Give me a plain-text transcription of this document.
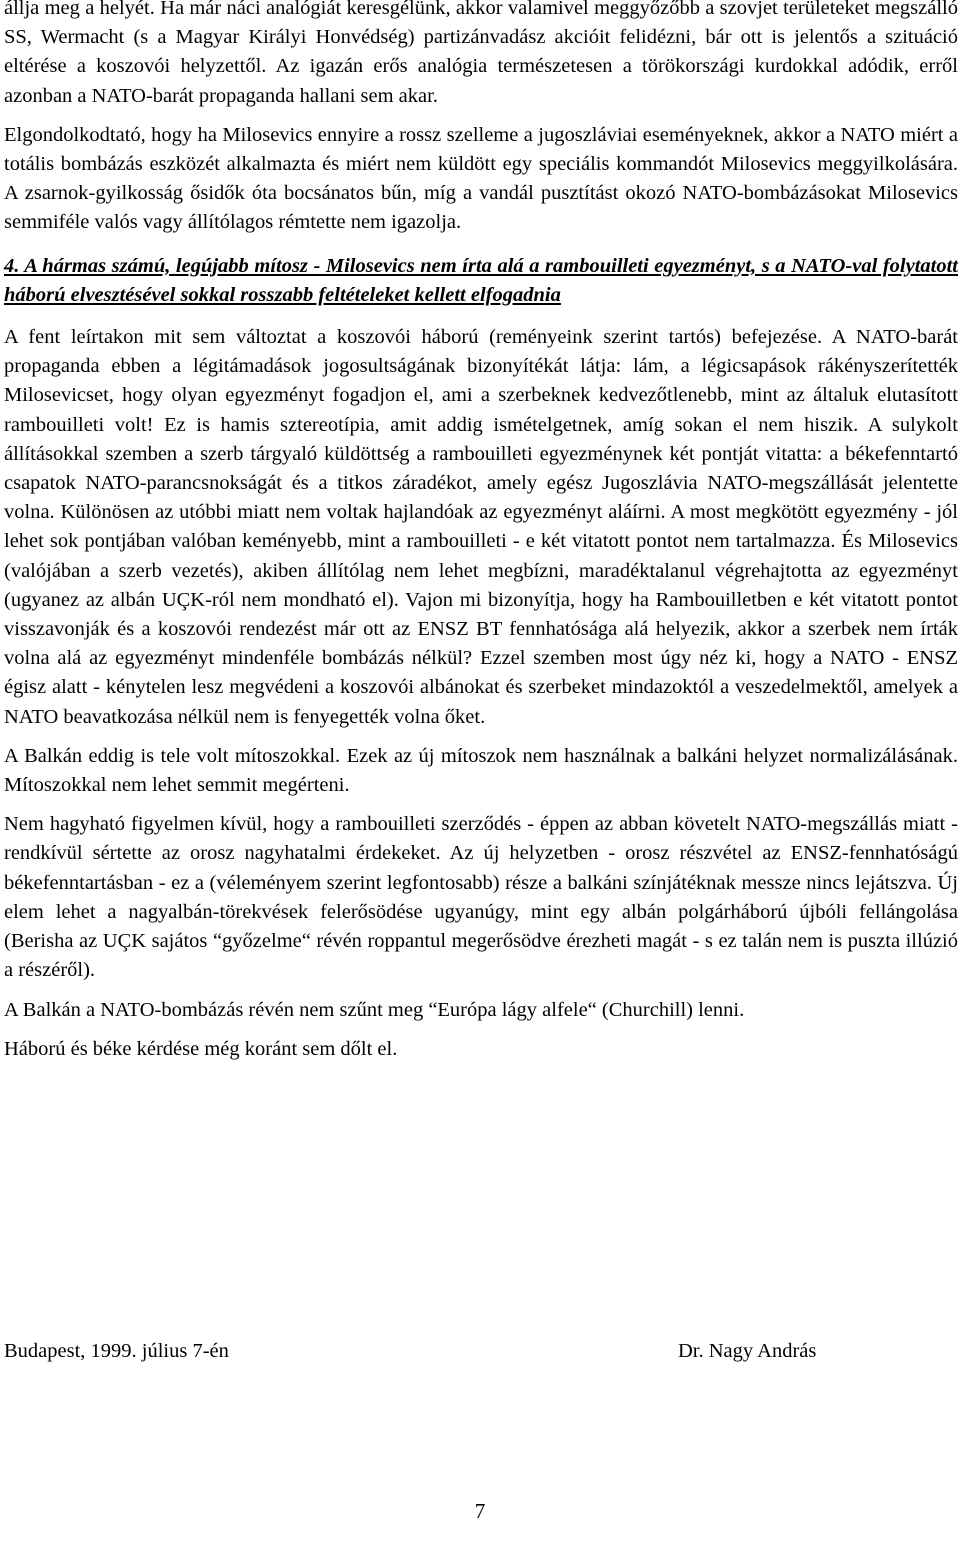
állja meg a helyét. Ha már náci analógiát keresgélünk, akkor valamivel meggyőzőbb a szovjet területeket megszálló SS, Wermacht (s a Magyar Királyi Honvédség) partizánvadász akcióit felidézni, bár ott is jelentős a szituáció eltérése a koszovói helyzettől. Az igazán erős analógia természetesen a törökországi kurdokkal adódik, erről azonban a NATO-barát propaganda hallani sem akar.

Elgondolkodtató, hogy ha Milosevics ennyire a rossz szelleme a jugoszláviai eseményeknek, akkor a NATO miért a totális bombázás eszközét alkalmazta és miért nem küldött egy speciális kommandót Milosevics meggyilkolására. A zsarnok-gyilkosság ősidők óta bocsánatos bűn, míg a vandál pusztítást okozó NATO-bombázásokat Milosevics semmiféle valós vagy állítólagos rémtette nem igazolja.

4. A hármas számú, legújabb mítosz - Milosevics nem írta alá a rambouilleti egyezményt, s a NATO-val folytatott háború elvesztésével sokkal rosszabb feltételeket kellett elfogadnia

A fent leírtakon mit sem változtat a koszovói háború (reményeink szerint tartós) befejezése. A NATO-barát propaganda ebben a légitámadások jogosultságának bizonyítékát látja: lám, a légicsapások rákényszerítették Milosevicset, hogy olyan egyezményt fogadjon el, ami a szerbeknek kedvezőtlenebb, mint az általuk elutasított rambouilleti volt! Ez is hamis sztereotípia, amit addig ismételgetnek, amíg sokan el nem hiszik. A sulykolt állításokkal szemben a szerb tárgyaló küldöttség a rambouilleti egyezménynek két pontját vitatta: a békefenntartó csapatok NATO-parancsnokságát és a titkos záradékot, amely egész Jugoszlávia NATO-megszállását jelentette volna. Különösen az utóbbi miatt nem voltak hajlandóak az egyezményt aláírni. A most megkötött egyezmény - jól lehet sok pontjában valóban keményebb, mint a rambouilleti - e két vitatott pontot nem tartalmazza. És Milosevics (valójában a szerb vezetés), akiben állítólag nem lehet megbízni, maradéktalanul végrehajtotta az egyezményt (ugyanez az albán UÇK-ról nem mondható el). Vajon mi bizonyítja, hogy ha Rambouilletben e két vitatott pontot visszavonják és a koszovói rendezést már ott az ENSZ BT fennhatósága alá helyezik, akkor a szerbek nem írták volna alá az egyezményt mindenféle bombázás nélkül? Ezzel szemben most úgy néz ki, hogy a NATO - ENSZ égisz alatt - kénytelen lesz megvédeni a koszovói albánokat és szerbeket mindazoktól a veszedelmektől, amelyek a NATO beavatkozása nélkül nem is fenyegették volna őket.

A Balkán eddig is tele volt mítoszokkal. Ezek az új mítoszok nem használnak a balkáni helyzet normalizálásának. Mítoszokkal nem lehet semmit megérteni.

Nem hagyható figyelmen kívül, hogy a rambouilleti szerződés - éppen az abban követelt NATO-megszállás miatt - rendkívül sértette az orosz nagyhatalmi érdekeket. Az új helyzetben - orosz részvétel az ENSZ-fennhatóságú békefenntartásban - ez a (véleményem szerint legfontosabb) része a balkáni színjátéknak messze nincs lejátszva. Új elem lehet a nagyalbán-törekvések felerősödése ugyanúgy, mint egy albán polgárháború újbóli fellángolása (Berisha az UÇK sajátos “győzelme“ révén roppantul megerősödve érezheti magát - s ez talán nem is puszta illúzió a részéről).

A Balkán a NATO-bombázás révén nem szűnt meg “Európa lágy alfele“ (Churchill) lenni.

Háború és béke kérdése még koránt sem dőlt el.

Budapest, 1999. július 7-én	Dr. Nagy András
7
